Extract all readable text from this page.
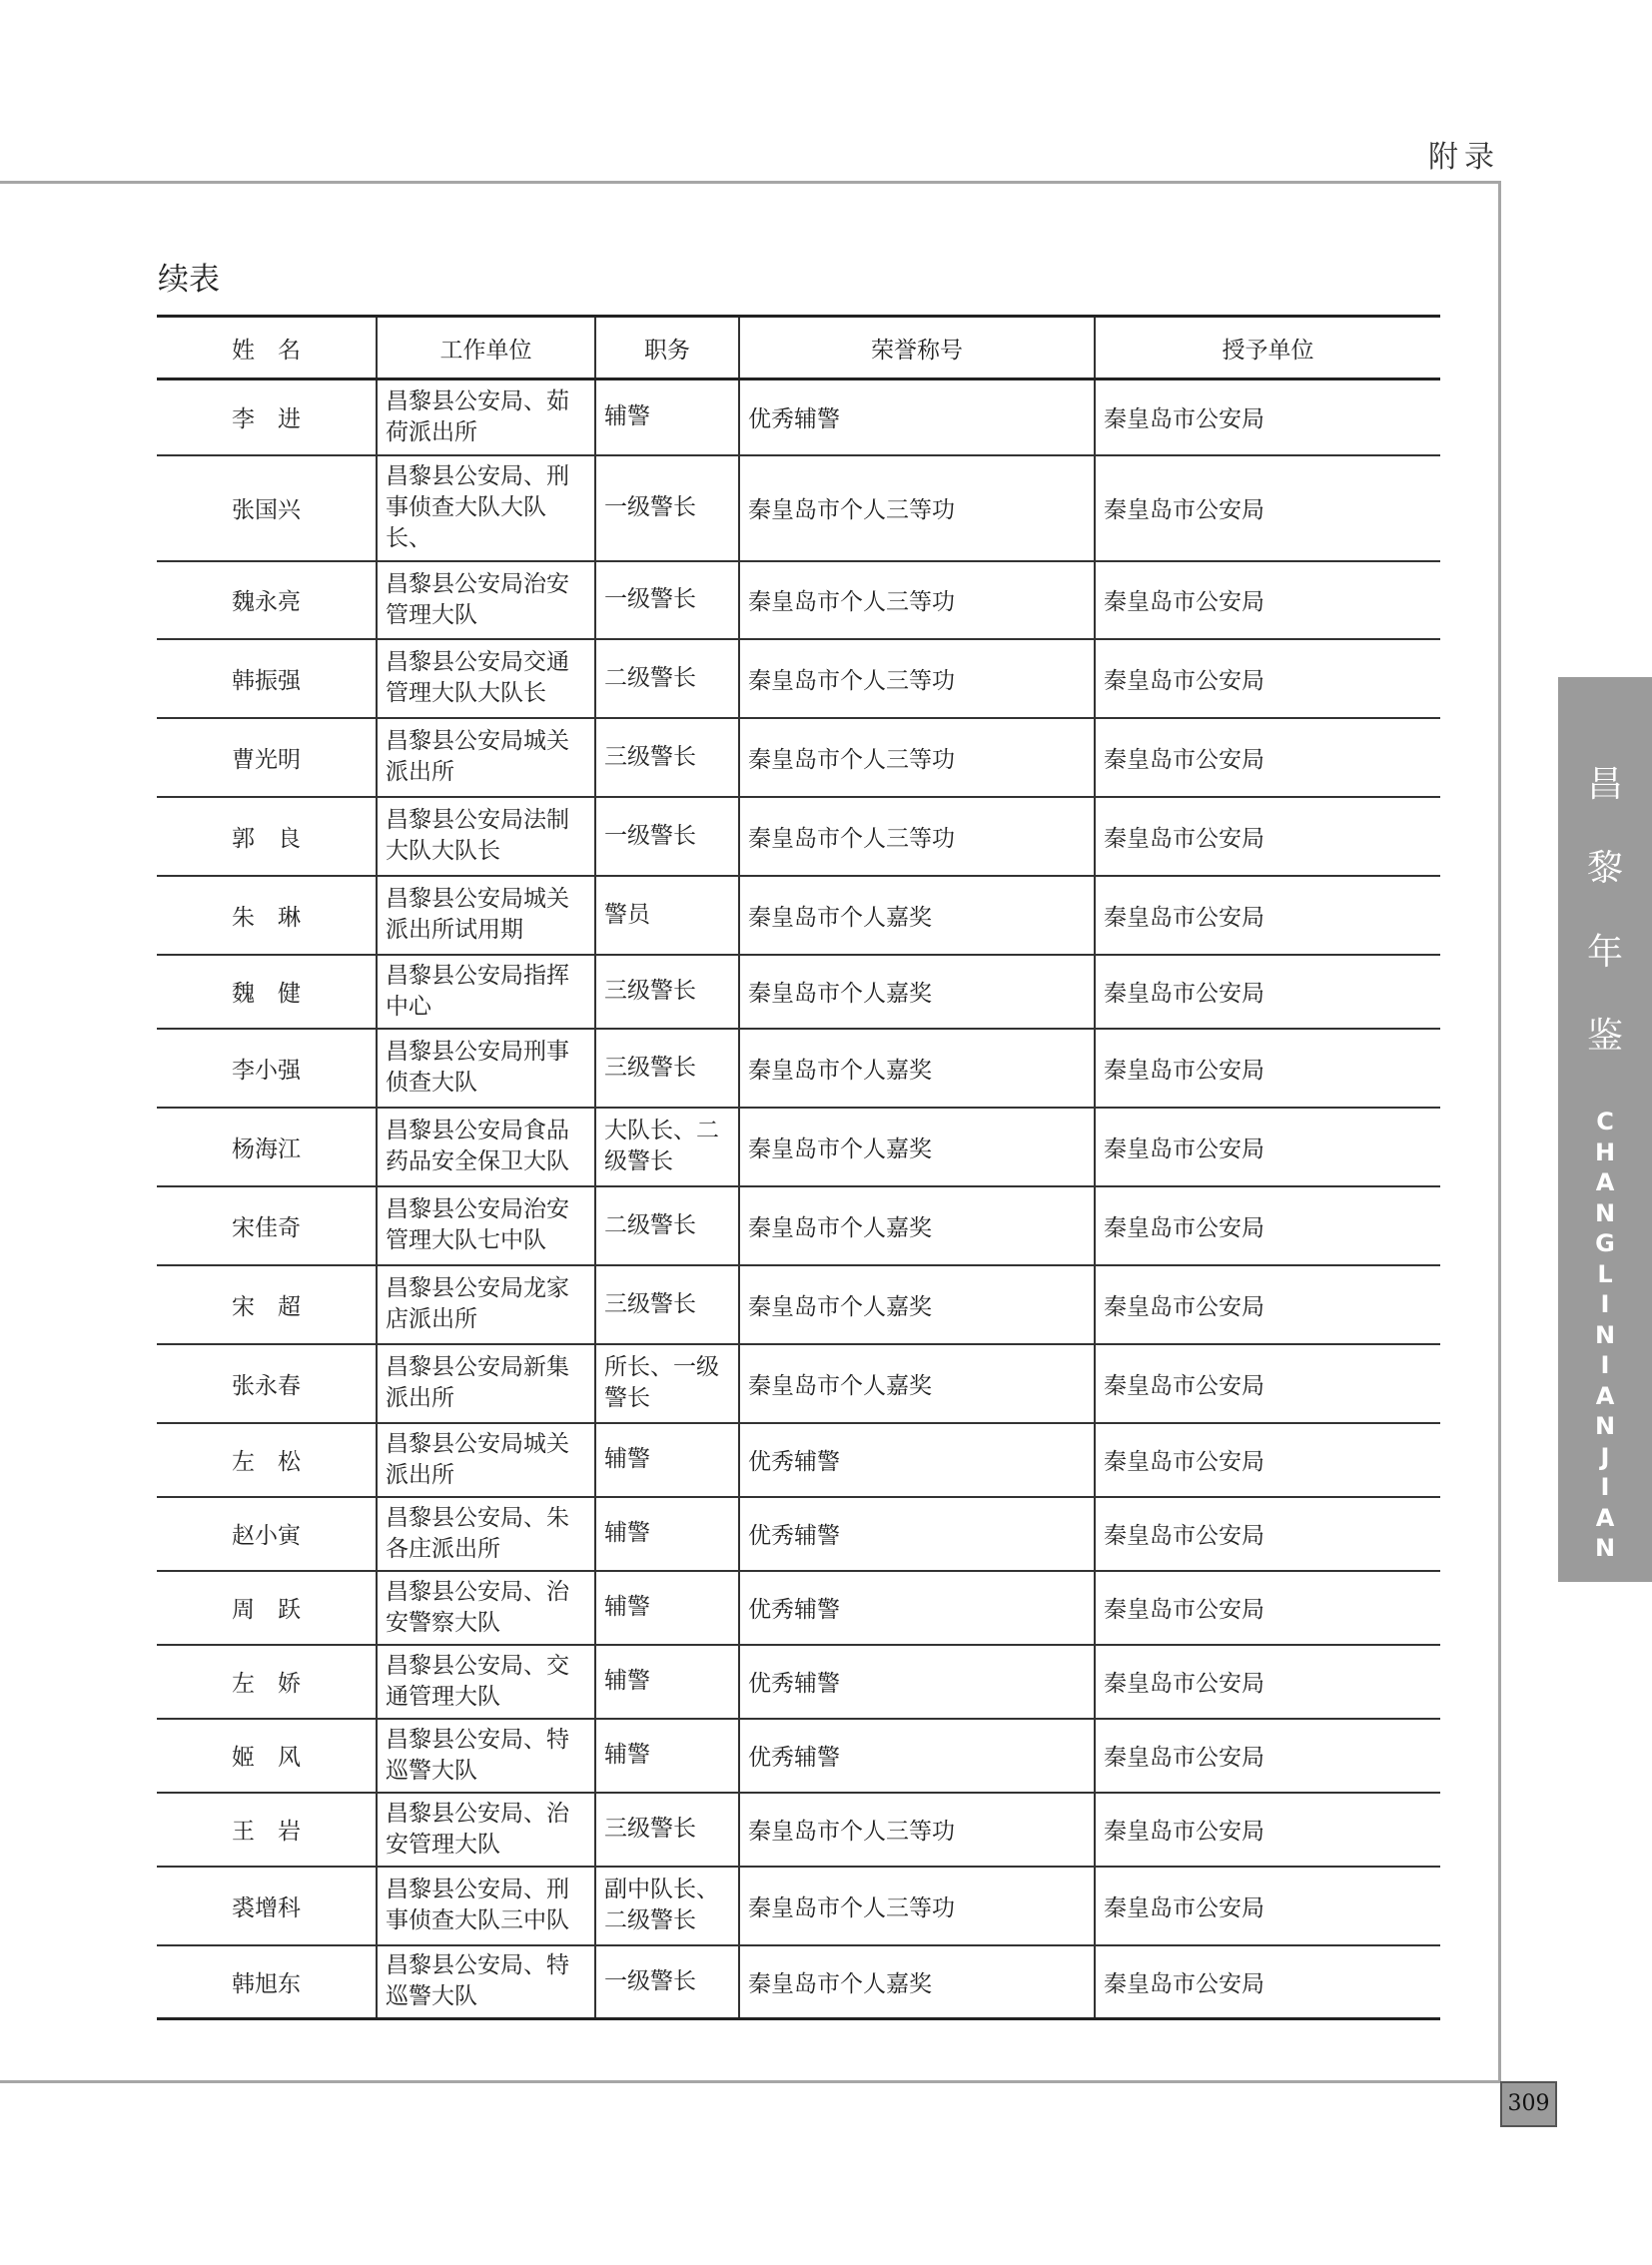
附录
昌
黎
年
鉴
C
H
A
N
G
L
I
N
I
A
N
J
I
A
N
309
续表
姓　名	工作单位	职务	荣誉称号	授予单位
李　进	昌黎县公安局、茹荷派出所	辅警	优秀辅警	秦皇岛市公安局
张国兴	昌黎县公安局、刑事侦查大队大队长、	一级警长	秦皇岛市个人三等功	秦皇岛市公安局
魏永亮	昌黎县公安局治安管理大队	一级警长	秦皇岛市个人三等功	秦皇岛市公安局
韩振强	昌黎县公安局交通管理大队大队长	二级警长	秦皇岛市个人三等功	秦皇岛市公安局
曹光明	昌黎县公安局城关派出所	三级警长	秦皇岛市个人三等功	秦皇岛市公安局
郭　良	昌黎县公安局法制大队大队长	一级警长	秦皇岛市个人三等功	秦皇岛市公安局
朱　琳	昌黎县公安局城关派出所试用期	警员	秦皇岛市个人嘉奖	秦皇岛市公安局
魏　健	昌黎县公安局指挥中心	三级警长	秦皇岛市个人嘉奖	秦皇岛市公安局
李小强	昌黎县公安局刑事侦查大队	三级警长	秦皇岛市个人嘉奖	秦皇岛市公安局
杨海江	昌黎县公安局食品药品安全保卫大队	大队长、二级警长	秦皇岛市个人嘉奖	秦皇岛市公安局
宋佳奇	昌黎县公安局治安管理大队七中队	二级警长	秦皇岛市个人嘉奖	秦皇岛市公安局
宋　超	昌黎县公安局龙家店派出所	三级警长	秦皇岛市个人嘉奖	秦皇岛市公安局
张永春	昌黎县公安局新集派出所	所长、一级警长	秦皇岛市个人嘉奖	秦皇岛市公安局
左　松	昌黎县公安局城关派出所	辅警	优秀辅警	秦皇岛市公安局
赵小寅	昌黎县公安局、朱各庄派出所	辅警	优秀辅警	秦皇岛市公安局
周　跃	昌黎县公安局、治安警察大队	辅警	优秀辅警	秦皇岛市公安局
左　娇	昌黎县公安局、交通管理大队	辅警	优秀辅警	秦皇岛市公安局
姬　风	昌黎县公安局、特巡警大队	辅警	优秀辅警	秦皇岛市公安局
王　岩	昌黎县公安局、治安管理大队	三级警长	秦皇岛市个人三等功	秦皇岛市公安局
裘增科	昌黎县公安局、刑事侦查大队三中队	副中队长、二级警长	秦皇岛市个人三等功	秦皇岛市公安局
韩旭东	昌黎县公安局、特巡警大队	一级警长	秦皇岛市个人嘉奖	秦皇岛市公安局
